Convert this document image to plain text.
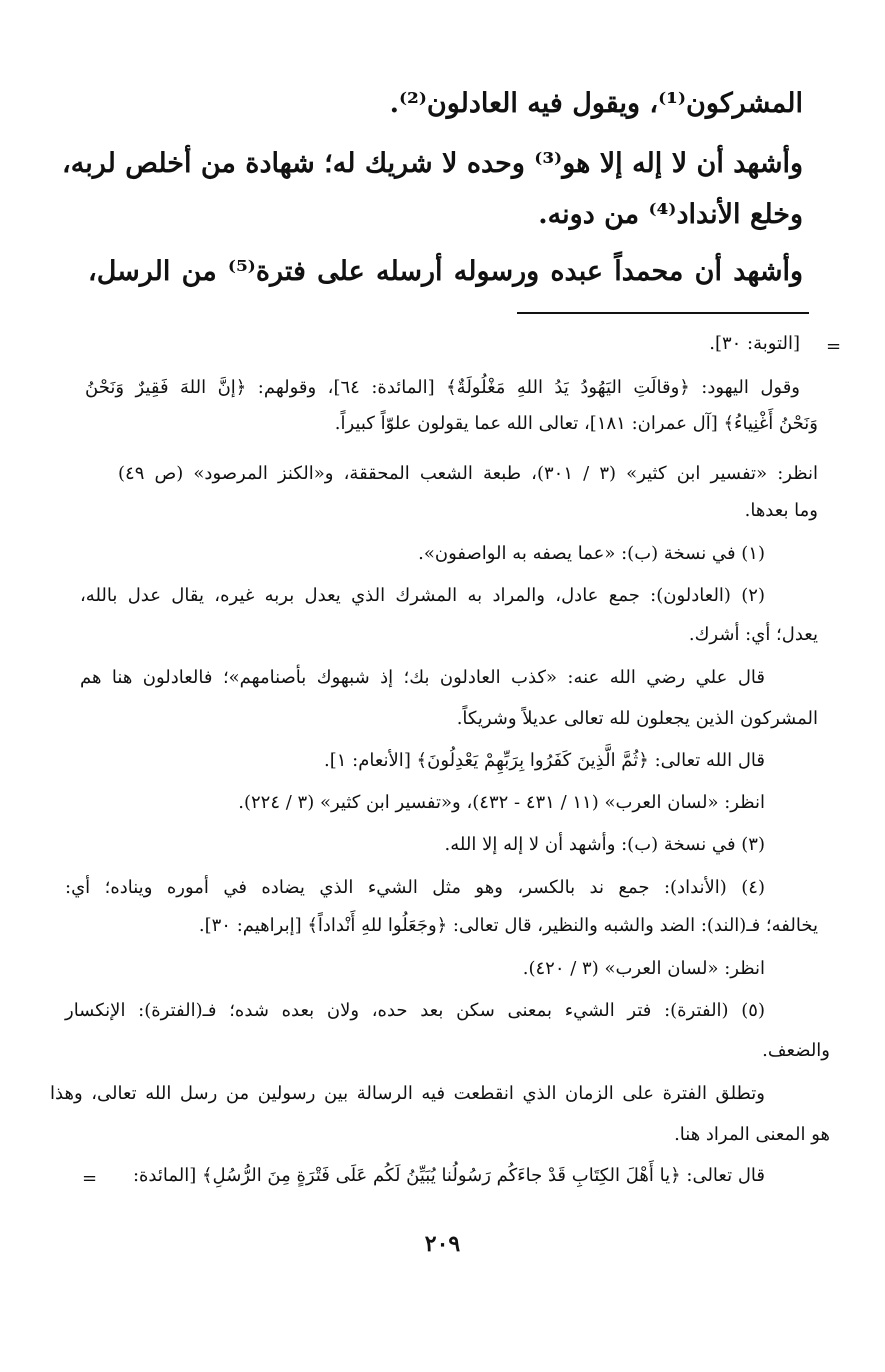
المشركون⁽¹⁾، ويقول فيه العادلون⁽²⁾.
وأشهد أن لا إله إلا هو⁽³⁾ وحده لا شريك له؛ شهادة من أخلص لربه،
وخلع الأنداد⁽⁴⁾ من دونه.
وأشهد أن محمداً عبده ورسوله أرسله على فترة⁽⁵⁾ من الرسل،
=
[التوبة: ٣٠].
وقول اليهود: ﴿وقالَتِ اليَهُودُ يَدُ اللهِ مَغْلُولَةٌ﴾ [المائدة: ٦٤]، وقولهم: ﴿إنَّ اللهَ فَقِيرٌ وَنَحْنُ
وَنَحْنُ أَغْنِياءُ﴾ [آل عمران: ١٨١]، تعالى الله عما يقولون علوّاً كبيراً.
انظر: «تفسير ابن كثير» (٣ / ٣٠١)، طبعة الشعب المحققة، و«الكنز المرصود» (ص ٤٩)
وما بعدها.
(١) في نسخة (ب): «عما يصفه به الواصفون».
(٢) (العادلون): جمع عادل، والمراد به المشرك الذي يعدل بربه غيره، يقال عدل بالله،
يعدل؛ أي: أشرك.
قال علي رضي الله عنه: «كذب العادلون بك؛ إذ شبهوك بأصنامهم»؛ فالعادلون هنا هم
المشركون الذين يجعلون لله تعالى عديلاً وشريكاً.
قال الله تعالى: ﴿ثُمَّ الَّذِينَ كَفَرُوا بِرَبِّهِمْ يَعْدِلُونَ﴾ [الأنعام: ١].
انظر: «لسان العرب» (١١ / ٤٣١ - ٤٣٢)، و«تفسير ابن كثير» (٣ / ٢٢٤).
(٣) في نسخة (ب): وأشهد أن لا إله إلا الله.
(٤) (الأنداد): جمع ند بالكسر، وهو مثل الشيء الذي يضاده في أموره ويناده؛ أي:
يخالفه؛ فـ(الند): الضد والشبه والنظير، قال تعالى: ﴿وجَعَلُوا للهِ أَنْداداً﴾ [إبراهيم: ٣٠].
انظر: «لسان العرب» (٣ / ٤٢٠).
(٥) (الفترة): فتر الشيء بمعنى سكن بعد حده، ولان بعده شده؛ فـ(الفترة): الإنكسار
والضعف.
وتطلق الفترة على الزمان الذي انقطعت فيه الرسالة بين رسولين من رسل الله تعالى، وهذا
هو المعنى المراد هنا.
قال تعالى: ﴿يا أَهْلَ الكِتَابِ قَدْ جاءَكُم رَسُولُنا يُبَيِّنُ لَكُم عَلَى فَتْرَةٍ مِنَ الرُّسُلِ﴾ [المائدة:
=
٢٠٩
